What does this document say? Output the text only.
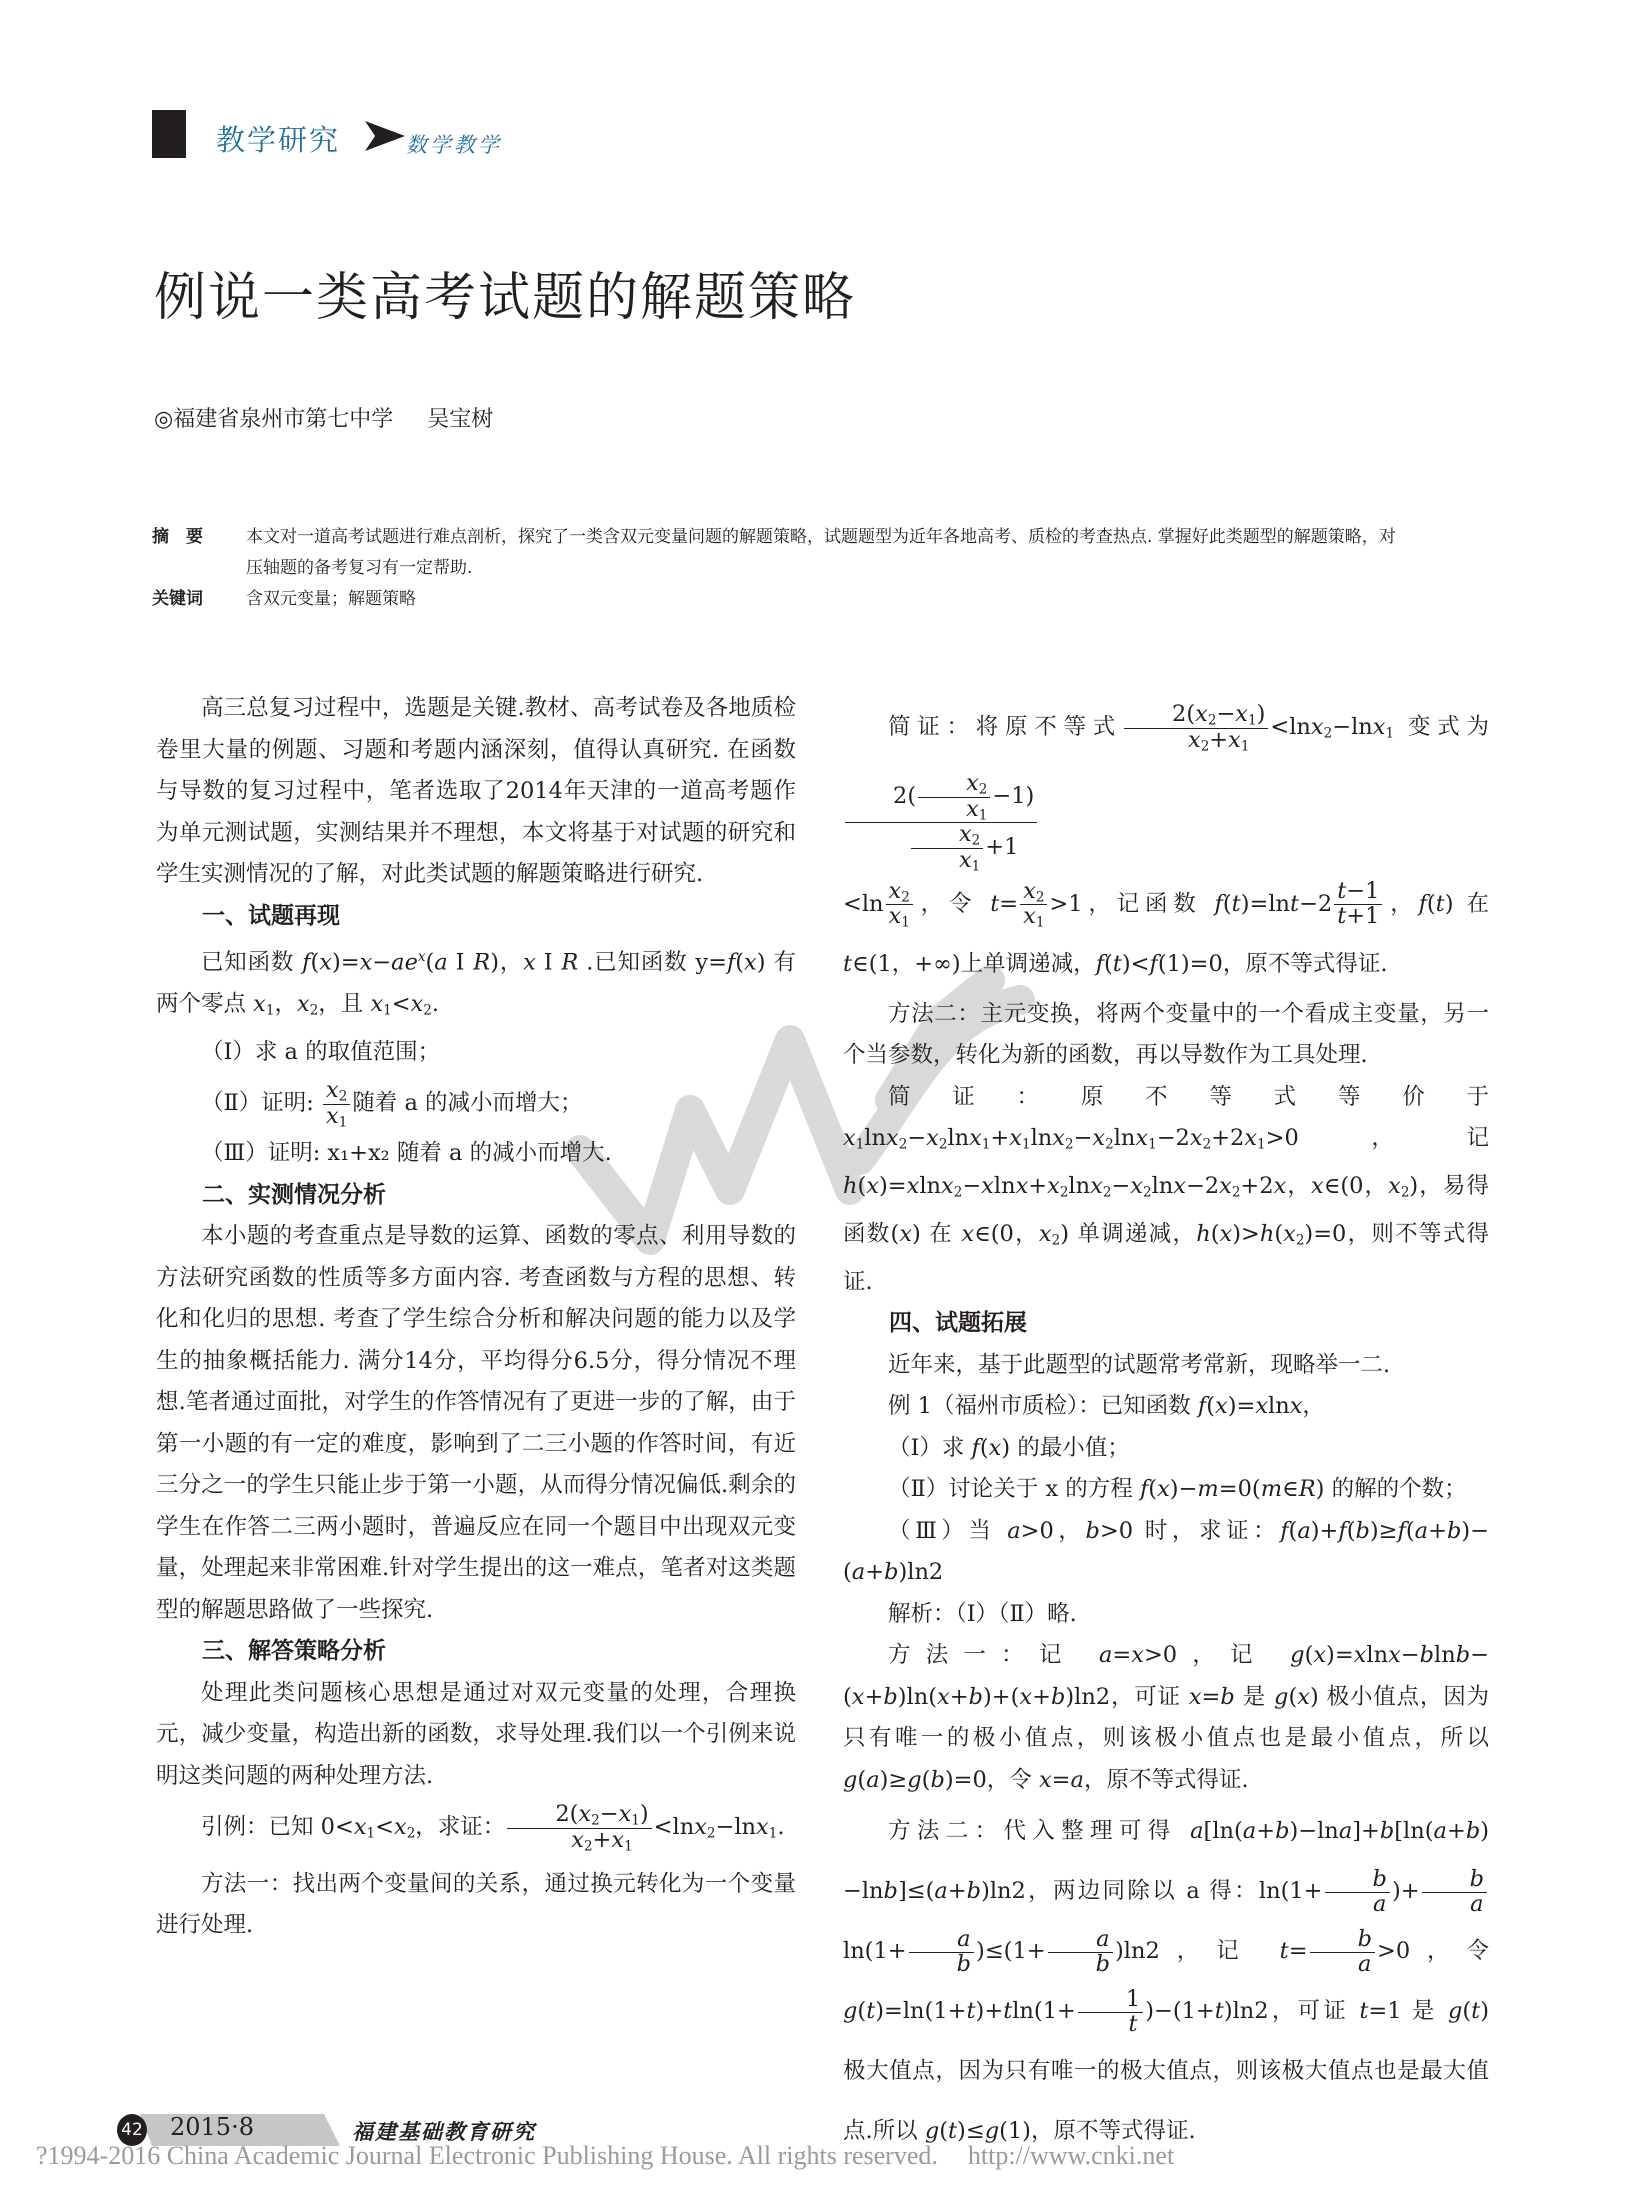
教学研究	数学教学
例说一类高考试题的解题策略
◎福建省泉州市第七中学 吴宝树
摘　要	本文对一道高考试题进行难点剖析，探究了一类含双元变量问题的解题策略，试题题型为近年各地高考、质检的考查热点. 掌握好此类题型的解题策略，对压轴题的备考复习有一定帮助.
关键词	含双元变量；解题策略

高三总复习过程中，选题是关键.教材、高考试卷及各地质检卷里大量的例题、习题和考题内涵深刻，值得认真研究. 在函数与导数的复习过程中，笔者选取了2014年天津的一道高考题作为单元测试题，实测结果并不理想，本文将基于对试题的研究和学生实测情况的了解，对此类试题的解题策略进行研究.

一、试题再现

已知函数 $f(x)=x-ae^x(a$ Ⅰ R)，x Ⅰ R .已知函数 y=f(x) 有两个零点 $x_1$，$x_2$，且 $x_1<x_2$.

（Ⅰ）求 a 的取值范围；

（Ⅱ）证明: $\frac{x_2}{x_1}$ 随着 a 的减小而增大；

（Ⅲ）证明: x₁+x₂ 随着 a 的减小而增大.

二、实测情况分析

本小题的考查重点是导数的运算、函数的零点、利用导数的方法研究函数的性质等多方面内容. 考查函数与方程的思想、转化和化归的思想. 考查了学生综合分析和解决问题的能力以及学生的抽象概括能力. 满分14分，平均得分6.5分，得分情况不理想.笔者通过面批，对学生的作答情况有了更进一步的了解，由于第一小题的有一定的难度，影响到了二三小题的作答时间，有近三分之一的学生只能止步于第一小题，从而得分情况偏低.剩余的学生在作答二三两小题时，普遍反应在同一个题目中出现双元变量，处理起来非常困难.针对学生提出的这一难点，笔者对这类题型的解题思路做了一些探究.

三、解答策略分析

处理此类问题核心思想是通过对双元变量的处理，合理换元，减少变量，构造出新的函数，求导处理.我们以一个引例来说明这类问题的两种处理方法.

引例：已知 $0<x_1<x_2$，求证： $\frac{2(x_2-x_1)}{x_2+x_1} <\ln x_2-\ln x_1$.

方法一：找出两个变量间的关系，通过换元转化为一个变量进行处理.

简证：将原不等式 $\frac{2(x_2-x_1)}{x_2+x_1} <\ln x_2-\ln x_1$ 变式为
$\frac{2( \frac{x_2}{x_1} -1)}{\frac{x_2}{x_1} +1}$

$<\ln \frac{x_2}{x_1}$ ，令 $t= \frac{x_2}{x_1} >1$，记函数 $f(t)=\ln t-2 \frac{t-1}{t+1}$ ，f(t) 在 t∈(1，+∞)上单调递减，f(t)<f(1)=0，原不等式得证.

方法二：主元变换，将两个变量中的一个看成主变量，另一个当参数，转化为新的函数，再以导数作为工具处理.

简证：原不等式等价于 $x_1\ln x_2-x_2\ln x_1+x_1\ln x_2-x_2\ln x_1-2x_2+2x_1>0$，记 $h(x)=xlnx_2-xlnx+x_2\ln x_2-x_2\ln x-2x_2+2x$，x∈(0，$x_2$)，易得函数(x) 在 x∈(0，$x_2$) 单调递减，$h(x)>h(x_2)=0$，则不等式得证.

四、试题拓展

近年来，基于此题型的试题常考常新，现略举一二.

例 1（福州市质检）：已知函数 f(x)=xlnx，

（Ⅰ）求 f(x) 的最小值；

（Ⅱ）讨论关于 x 的方程 f(x)−m=0(m∈R) 的解的个数；

（Ⅲ）当 a>0，b>0 时，求证：f(a)+f(b)≥f(a+b)−(a+b)ln2

解析：（Ⅰ）（Ⅱ）略.

方法一：记 a=x>0，记 g(x)=xlnx−blnb−(x+b)ln(x+b)+(x+b)ln2，可证 x=b 是 g(x) 极小值点，因为只有唯一的极小值点，则该极小值点也是最小值点，所以 g(a)≥g(b)=0，令 x=a，原不等式得证.

方法二：代入整理可得 a[ln(a+b)−lna]+b[ln(a+b)−lnb]≤(a+b)ln2，两边同除以 a 得：$\ln(1+ \frac{b}{a}$ )+ $\frac{b}{a}$
$\ln(1+ \frac{a}{b} )\le(1+ \frac{a}{b} )\ln 2$，记 $t= \frac{b}{a} >0$，令 $g(t)=\ln(1+t)+tln(1+ \frac{1}{t} )-(1+t)\ln 2$，可证 t=1 是 g(t) 极大值点，因为只有唯一的极大值点，则该极大值点也是最大值点.所以 g(t)≤g(1)，原不等式得证.

42 2015·8	福建基础教育研究
?1994-2016 China Academic Journal Electronic Publishing House. All rights reserved. http://www.cnki.net
